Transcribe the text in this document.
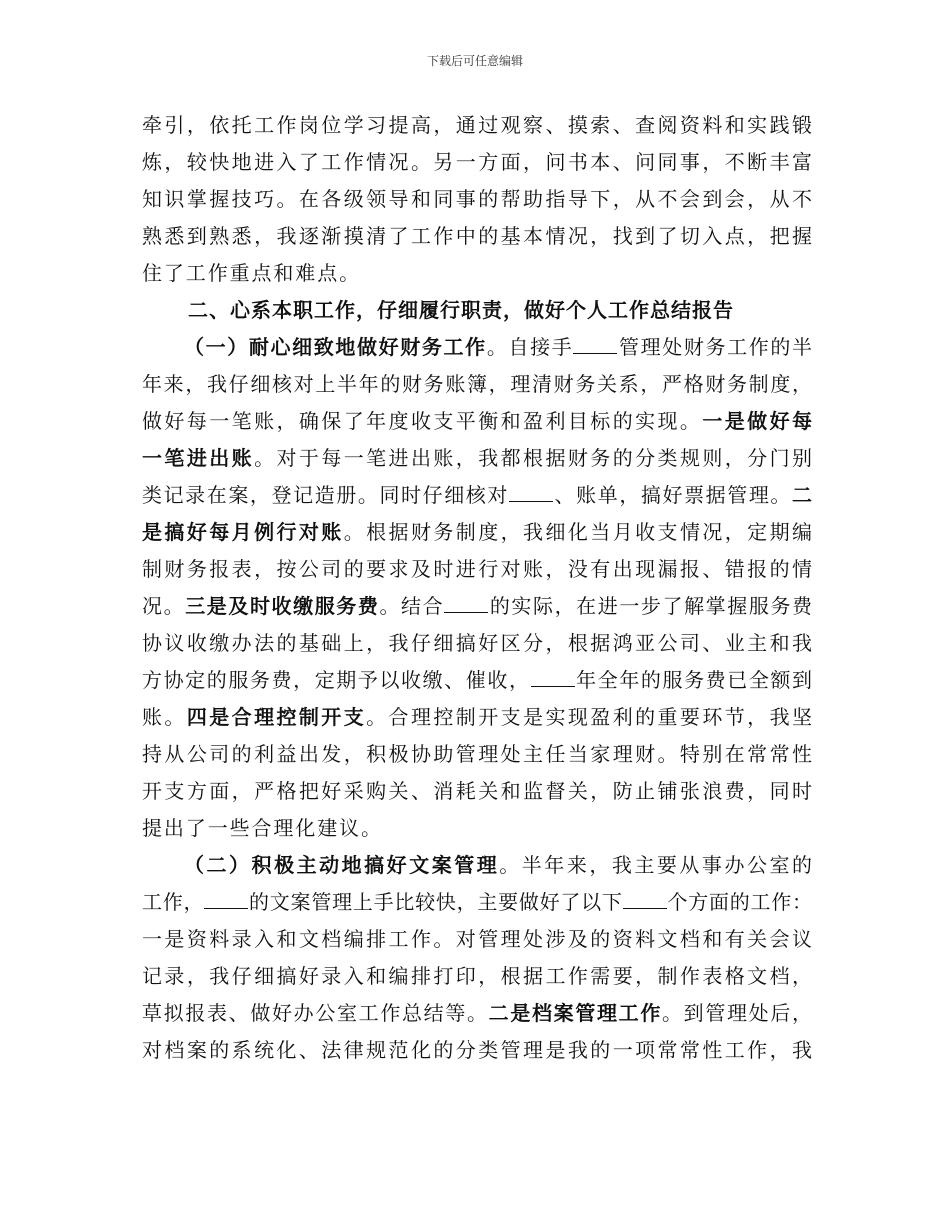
下载后可任意编辑
牵引，依托工作岗位学习提高，通过观察、摸索、查阅资料和实践锻
炼，较快地进入了工作情况。另一方面，问书本、问同事，不断丰富
知识掌握技巧。在各级领导和同事的帮助指导下，从不会到会，从不
熟悉到熟悉，我逐渐摸清了工作中的基本情况，找到了切入点，把握
住了工作重点和难点。
二、心系本职工作，仔细履行职责，做好个人工作总结报告
（一）耐心细致地做好财务工作。自接手 管理处财务工作的半
年来，我仔细核对上半年的财务账簿，理清财务关系，严格财务制度，
做好每一笔账，确保了年度收支平衡和盈利目标的实现。一是做好每
一笔进出账。对于每一笔进出账，我都根据财务的分类规则，分门别
类记录在案，登记造册。同时仔细核对 、账单，搞好票据管理。二
是搞好每月例行对账。根据财务制度，我细化当月收支情况，定期编
制财务报表，按公司的要求及时进行对账，没有出现漏报、错报的情
况。三是及时收缴服务费。结合 的实际，在进一步了解掌握服务费
协议收缴办法的基础上，我仔细搞好区分，根据鸿亚公司、业主和我
方协定的服务费，定期予以收缴、催收， 年全年的服务费已全额到
账。四是合理控制开支。合理控制开支是实现盈利的重要环节，我坚
持从公司的利益出发，积极协助管理处主任当家理财。特别在常常性
开支方面，严格把好采购关、消耗关和监督关，防止铺张浪费，同时
提出了一些合理化建议。
（二）积极主动地搞好文案管理。半年来，我主要从事办公室的
工作， 的文案管理上手比较快，主要做好了以下 个方面的工作：
一是资料录入和文档编排工作。对管理处涉及的资料文档和有关会议
记录，我仔细搞好录入和编排打印，根据工作需要，制作表格文档，
草拟报表、做好办公室工作总结等。二是档案管理工作。到管理处后，
对档案的系统化、法律规范化的分类管理是我的一项常常性工作，我
